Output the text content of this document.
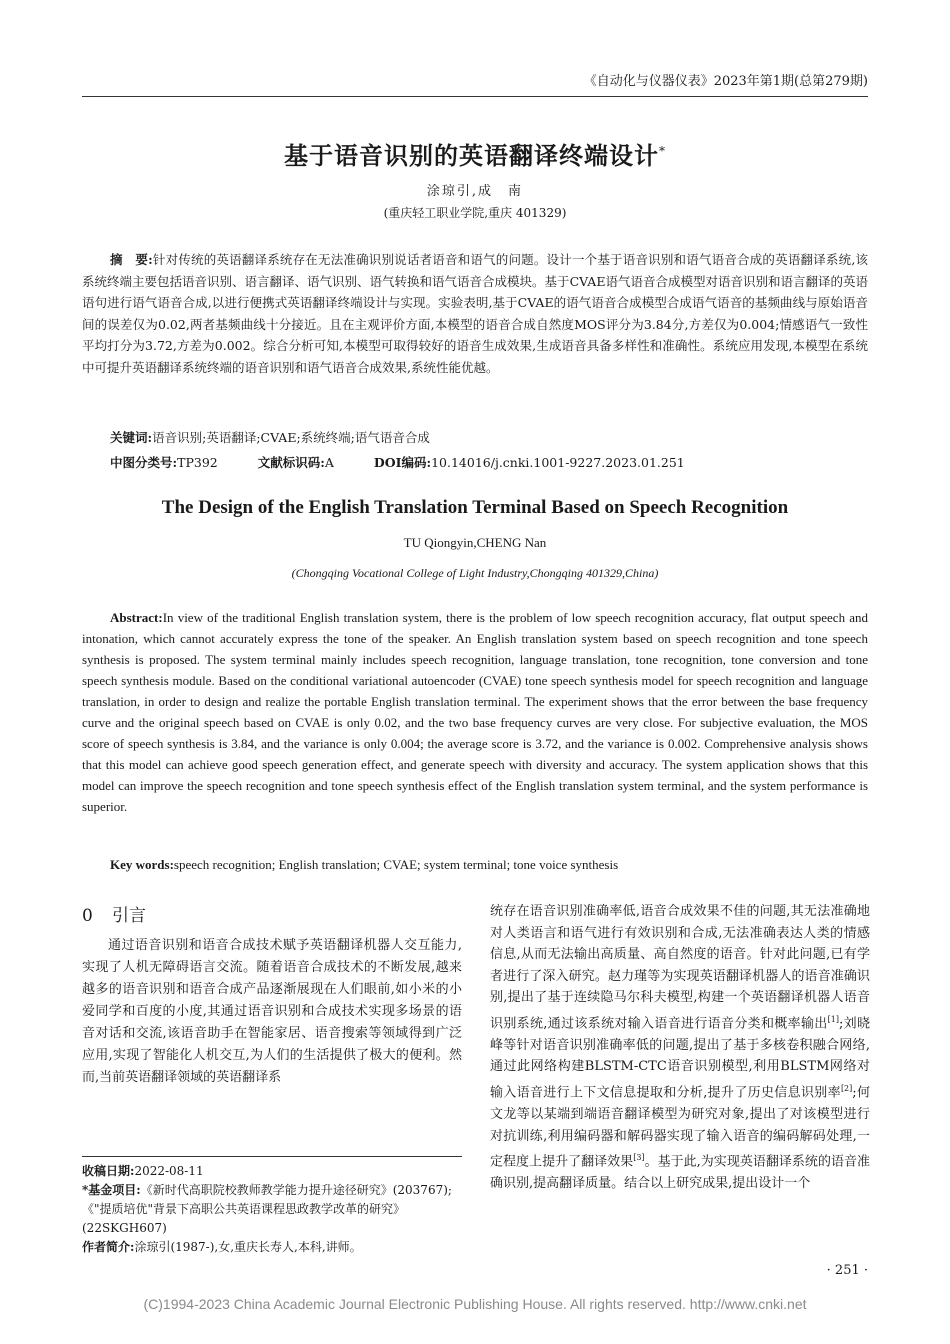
《自动化与仪器仪表》2023年第1期(总第279期)
基于语音识别的英语翻译终端设计*
涂琼引,成　南
(重庆轻工职业学院,重庆 401329)
摘　要:针对传统的英语翻译系统存在无法准确识别说话者语音和语气的问题。设计一个基于语音识别和语气语音合成的英语翻译系统,该系统终端主要包括语音识别、语言翻译、语气识别、语气转换和语气语音合成模块。基于CVAE语气语音合成模型对语音识别和语言翻译的英语语句进行语气语音合成,以进行便携式英语翻译终端设计与实现。实验表明,基于CVAE的语气语音合成模型合成语气语音的基频曲线与原始语音间的误差仅为0.02,两者基频曲线十分接近。且在主观评价方面,本模型的语音合成自然度MOS评分为3.84分,方差仅为0.004;情感语气一致性平均打分为3.72,方差为0.002。综合分析可知,本模型可取得较好的语音生成效果,生成语音具备多样性和准确性。系统应用发现,本模型在系统中可提升英语翻译系统终端的语音识别和语气语音合成效果,系统性能优越。
关键词:语音识别;英语翻译;CVAE;系统终端;语气语音合成
中图分类号:TP392	文献标识码:A	DOI编码:10.14016/j.cnki.1001-9227.2023.01.251
The Design of the English Translation Terminal Based on Speech Recognition
TU Qiongyin,CHENG Nan
(Chongqing Vocational College of Light Industry,Chongqing 401329,China)
Abstract:In view of the traditional English translation system, there is the problem of low speech recognition accuracy, flat output speech and intonation, which cannot accurately express the tone of the speaker. An English translation system based on speech recognition and tone speech synthesis is proposed. The system terminal mainly includes speech recognition, language translation, tone recognition, tone conversion and tone speech synthesis module. Based on the conditional variational autoencoder (CVAE) tone speech synthesis model for speech recognition and language translation, in order to design and realize the portable English translation terminal. The experiment shows that the error between the base frequency curve and the original speech based on CVAE is only 0.02, and the two base frequency curves are very close. For subjective evaluation, the MOS score of speech synthesis is 3.84, and the variance is only 0.004; the average score is 3.72, and the variance is 0.002. Comprehensive analysis shows that this model can achieve good speech generation effect, and generate speech with diversity and accuracy. The system application shows that this model can improve the speech recognition and tone speech synthesis effect of the English translation system terminal, and the system performance is superior.
Key words:speech recognition; English translation; CVAE; system terminal; tone voice synthesis
0 引言

通过语音识别和语音合成技术赋予英语翻译机器人交互能力,实现了人机无障碍语言交流。随着语音合成技术的不断发展,越来越多的语音识别和语音合成产品逐渐展现在人们眼前,如小米的小爱同学和百度的小度,其通过语音识别和合成技术实现多场景的语音对话和交流,该语音助手在智能家居、语音搜索等领域得到广泛应用,实现了智能化人机交互,为人们的生活提供了极大的便利。然而,当前英语翻译领域的英语翻译系

统存在语音识别准确率低,语音合成效果不佳的问题,其无法准确地对人类语言和语气进行有效识别和合成,无法准确表达人类的情感信息,从而无法输出高质量、高自然度的语音。针对此问题,已有学者进行了深入研究。赵力瑾等为实现英语翻译机器人的语音准确识别,提出了基于连续隐马尔科夫模型,构建一个英语翻译机器人语音识别系统,通过该系统对输入语音进行语音分类和概率输出[1];刘晓峰等针对语音识别准确率低的问题,提出了基于多核卷积融合网络,通过此网络构建BLSTM-CTC语音识别模型,利用BLSTM网络对输入语音进行上下文信息提取和分析,提升了历史信息识别率[2];何文龙等以某端到端语音翻译模型为研究对象,提出了对该模型进行对抗训练,利用编码器和解码器实现了输入语音的编码解码处理,一定程度上提升了翻译效果[3]。基于此,为实现英语翻译系统的语音准确识别,提高翻译质量。结合以上研究成果,提出设计一个

收稿日期:2022-08-11

*基金项目:《新时代高职院校教师教学能力提升途径研究》(203767);《"提质培优"背景下高职公共英语课程思政教学改革的研究》(22SKGH607)

作者简介:涂琼引(1987-),女,重庆长寿人,本科,讲师。

· 251 ·
(C)1994-2023 China Academic Journal Electronic Publishing House. All rights reserved. http://www.cnki.net
